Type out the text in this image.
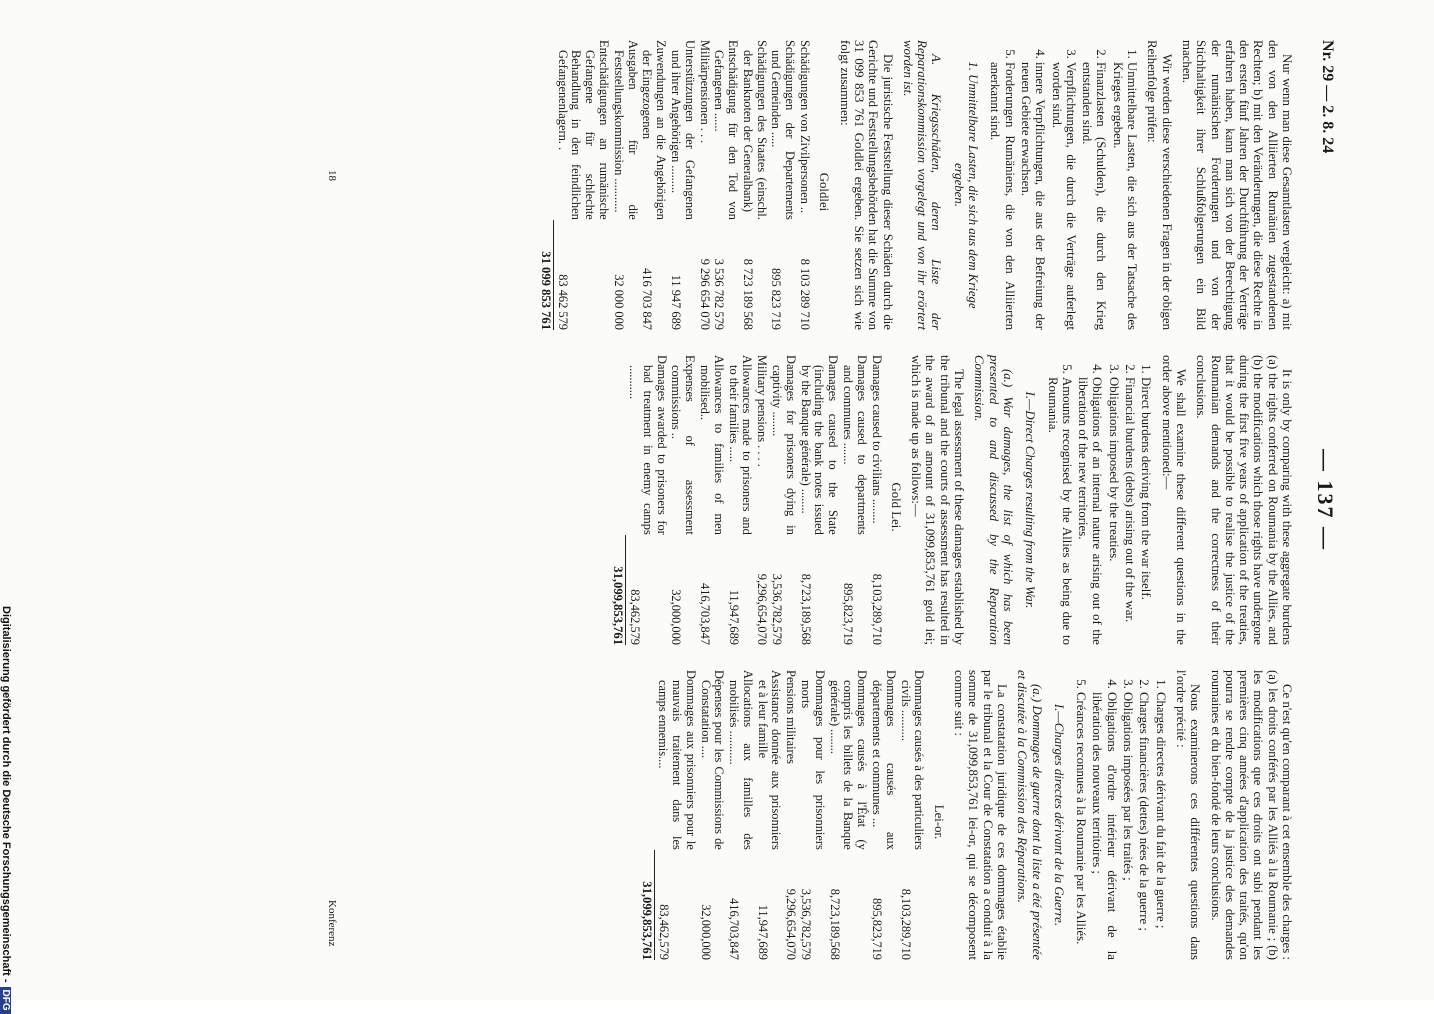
Nr. 29 — 2. 8. 24
— 137 —

Nur wenn man diese Gesamtlasten vergleicht: a) mit den von den Alliierten Rumänien zugestandenen Rechten; b) mit den Veränderungen, die diese Rechte in den ersten fünf Jahren der Durchführung der Verträge erfahren haben, kann man sich von der Berechtigung der rumänischen Forderungen und von der Stichhaltigkeit ihrer Schlußfolgerungen ein Bild machen.

Wir werden diese verschiedenen Fragen in der obigen Reihenfolge prüfen:

1. Unmittelbare Lasten, die sich aus der Tatsache des Krieges ergeben.
2. Finanzlasten (Schulden), die durch den Krieg entstanden sind.
3. Verpflichtungen, die durch die Verträge auferlegt worden sind.
4. innere Verpflichtungen, die aus der Befreiung der neuen Gebiete erwachsen.
5. Forderungen Rumäniens, die von den Alliierten anerkannt sind.

1. Unmittelbare Lasten, die sich aus dem Kriege ergeben.

A. Kriegsschäden, deren Liste der Reparationskommission vorgelegt und von ihr erörtert worden ist.

Die juristische Feststellung dieser Schäden durch die Gerichte und Feststellungsbehörden hat die Summe von 31 099 853 761 Goldlei ergeben. Sie setzen sich wie folgt zusammen:

Goldlei

Schädigungen von Zivilpersonen ..	8 103 289 710
Schädigungen der Departements und Gemeinden .....	895 823 719
Schädigungen des Staates (einschl. der Banknoten der Generalbank)	8 723 189 568
Entschädigung für den Tod von Gefangenen ......	3 536 782 579
Militärpensionen . . .	9 296 654 070
Unterstützungen der Gefangenen und ihrer Angehörigen .........	11 947 689
Zuwendungen an die Angehörigen der Eingezogenen	416 703 847
Ausgaben für die Feststellungskommission ...........	32 000 000
Entschädigungen an rumänische Gefangene für schlechte Behandlung in den feindlichen Gefangenenlagern. .	83 462 579
31 099 853 761
18

It is only by comparing with these aggregate burdens (a) the rights conferred on Roumania by the Allies, and (b) the modifications which those rights have undergone during the first five years of application of the treaties, that it would be possible to realise the justice of the Roumanian demands and the correctness of their conclusions.

We shall examine these different questions in the order above mentioned:—

1. Direct burdens deriving from the war itself.
2. Financial burdens (debts) arising out of the war.
3. Obligations imposed by the treaties.
4. Obligations of an internal nature arising out of the liberation of the new territories.
5. Amounts recognised by the Allies as being due to Roumania.

I.—Direct Charges resulting from the War.

(a.) War damages, the list of which has been presented to and discussed by the Reparation Commission.

The legal assessment of these damages established by the tribunal and the courts of assessment has resulted in the award of an amount of 31,099,853,761 gold lei; which is made up as follows:—

Gold Lei.

Damages caused to civilians ........	8,103,289,710
Damages caused to departments and communes .......	895,823,719
Damages caused to the State (including the bank notes issued by the Banque générale) ........	8,723,189,568
Damages for prisoners dying in captivity ........	3,536,782,579
Military pensions . . . .	9,296,654,070
Allowances made to prisoners and to their families .....	11,947,689
Allowances to families of men mobilised..	416,703,847
Expenses of assessment commissions ..	32,000,000
Damages awarded to prisoners for bad treatment in enemy camps ...........	83,462,579
31,099,853,761

Ce n'est qu'en comparant à cet ensemble des charges : (a) les droits conférés par les Alliés à la Roumanie ; (b) les modifications que ces droits ont subi pendant les premières cinq années d'application des traités, qu'on pourra se rendre compte de la justice des demandes roumaines et du bien-fondé de leurs conclusions.

Nous examinerons ces différentes questions dans l'ordre précité :

1. Charges directes dérivant du fait de la guerre ;
2. Charges financières (dettes) nées de la guerre ;
3. Obligations imposées par les traités ;
4. Obligations d'ordre intérieur dérivant de la libération des nouveaux territoires ;
5. Créances reconnues à la Roumanie par les Alliés.

I.—Charges directes dérivant de la Guerre.

(a.) Dommages de guerre dont la liste a été présentée et discutée à la Commission des Réparations.

La constatation juridique de ces dommages établie par le tribunal et la Cour de Constatation a conduit à la somme de 31,099,853,761 lei-or, qui se décomposent comme suit :

Lei-or.

Dommages causés à des particuliers civils ..........	8,103,289,710
Dommages causés aux départements et communes ...	895,823,719
Dommages causés à l'État (y compris les billets de la Banque générale) ........	8,723,189,568
Dommages pour les prisonniers morts	3,536,782,579
Pensions militaires	9,296,654,070
Assistance donnée aux prisonniers et à leur famille	11,947,689
Allocations aux familles des mobilisés ...........	416,703,847
Dépenses pour les Commissions de Constatation ....	32,000,000
Dommages aux prisonniers pour le mauvais traitement dans les camps ennemis....	83,462,579
31,099,853,761
Konferenz
Digitalisierung gefördert durch die Deutsche Forschungsgemeinschaft -DFG
